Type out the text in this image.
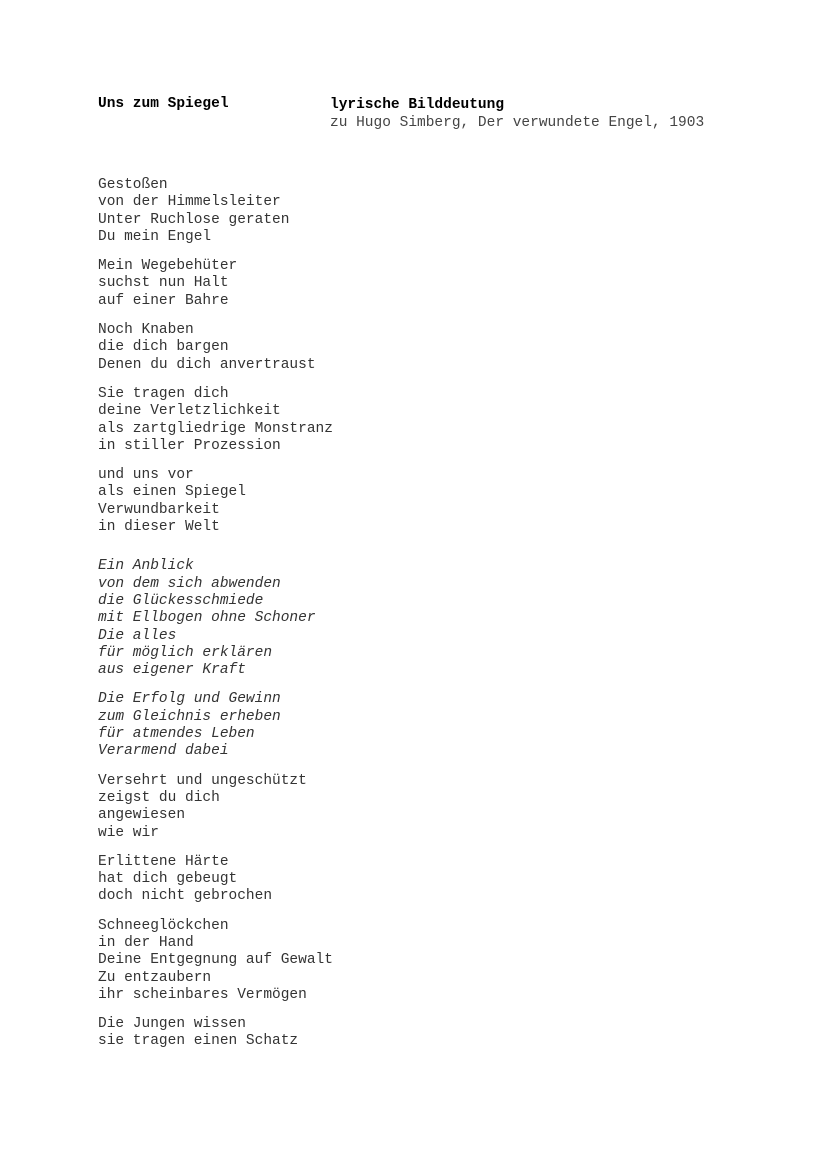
Uns zum Spiegel	lyrische Bilddeutung
zu Hugo Simberg, Der verwundete Engel, 1903
Gestoßen
von der Himmelsleiter
Unter Ruchlose geraten
Du mein Engel
Mein Wegebehüter
suchst nun Halt
auf einer Bahre
Noch Knaben
die dich bargen
Denen du dich anvertraust
Sie tragen dich
deine Verletzlichkeit
als zartgliedrige Monstranz
in stiller Prozession
und uns vor
als einen Spiegel
Verwundbarkeit
in dieser Welt
Ein Anblick
von dem sich abwenden
die Glückesschmiede
mit Ellbogen ohne Schoner
Die alles
für möglich erklären
aus eigener Kraft
Die Erfolg und Gewinn
zum Gleichnis erheben
für atmendes Leben
Verarmend dabei
Versehrt und ungeschützt
zeigst du dich
angewiesen
wie wir
Erlittene Härte
hat dich gebeugt
doch nicht gebrochen
Schneeglöckchen
in der Hand
Deine Entgegnung auf Gewalt
Zu entzaubern
ihr scheinbares Vermögen
Die Jungen wissen
sie tragen einen Schatz
